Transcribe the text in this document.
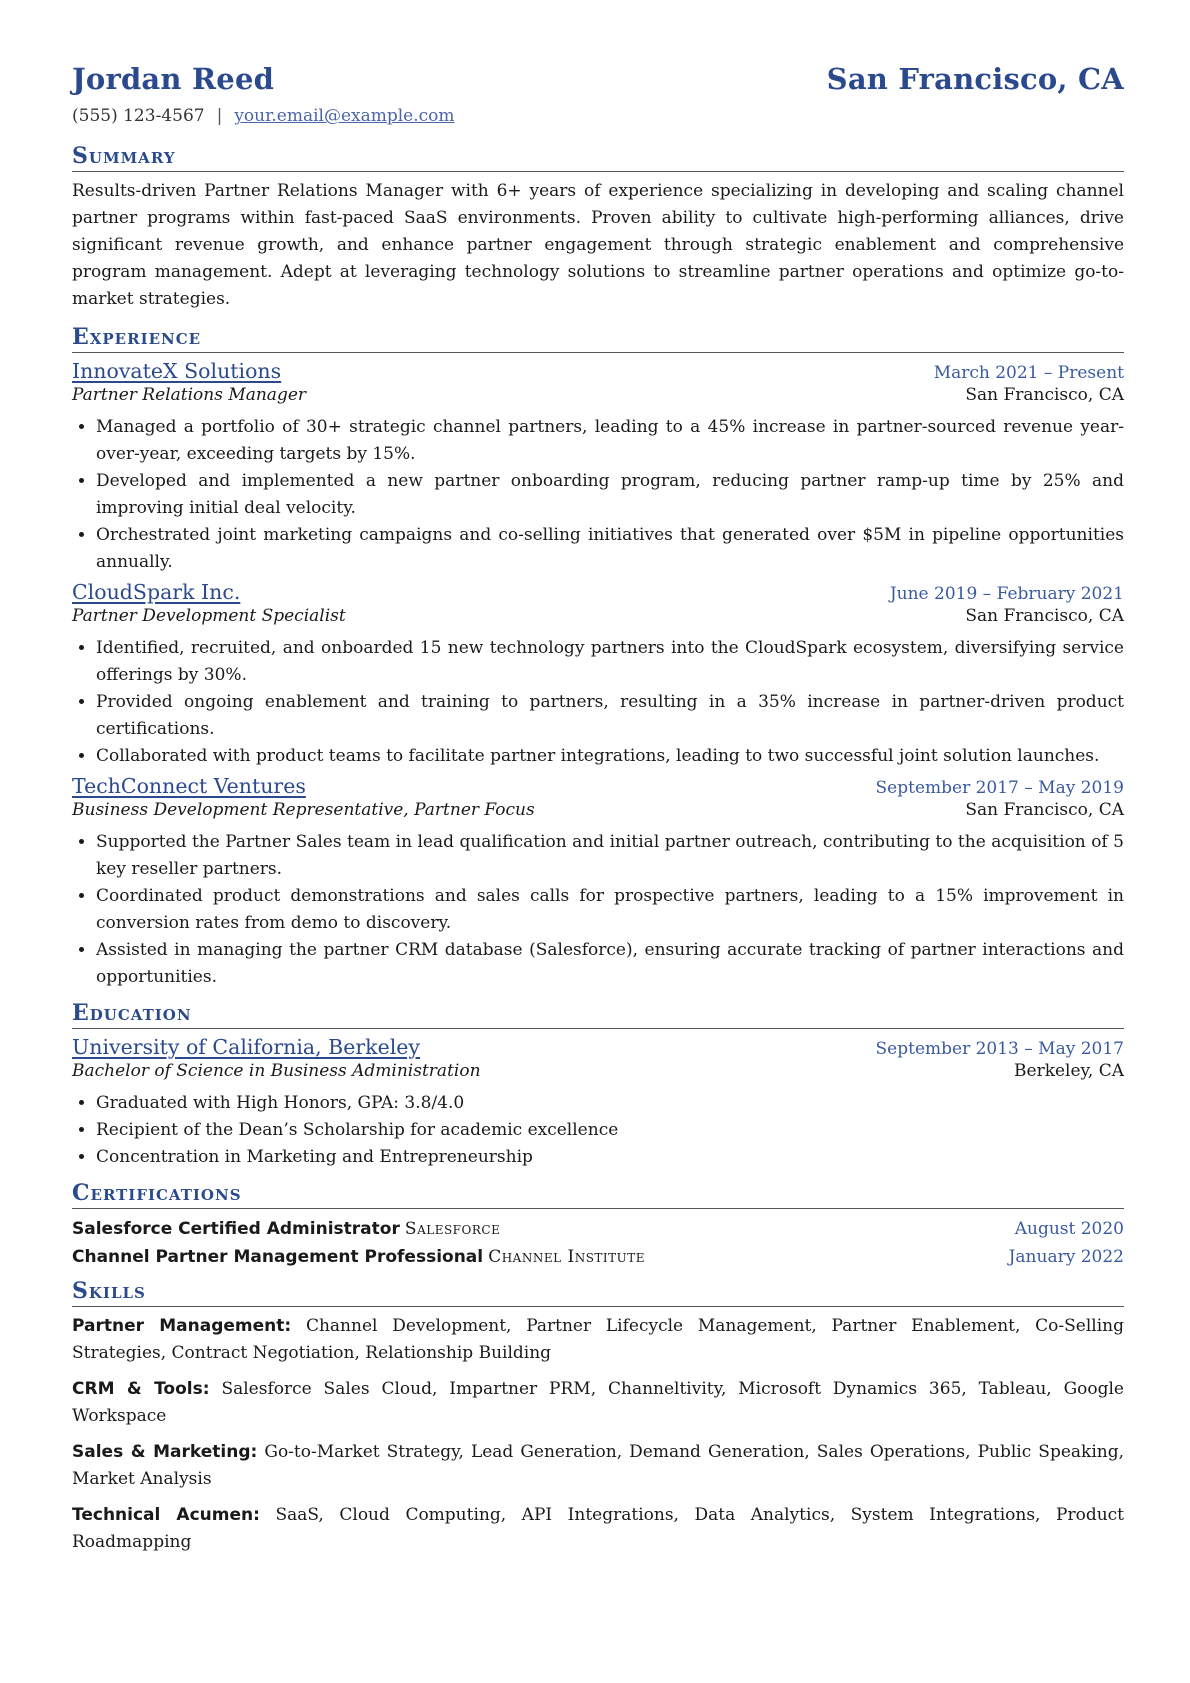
Jordan Reed	San Francisco, CA
(555) 123-4567 | your.email@example.com
Summary
Results-driven Partner Relations Manager with 6+ years of experience specializing in developing and scaling channel partner programs within fast-paced SaaS environments. Proven ability to cultivate high-performing alliances, drive significant revenue growth, and enhance partner engagement through strategic enablement and comprehensive program management. Adept at leveraging technology solutions to streamline partner operations and optimize go-to-market strategies.
Experience
InnovateX Solutions	March 2021 – Present
Partner Relations Manager	San Francisco, CA
• Managed a portfolio of 30+ strategic channel partners, leading to a 45% increase in partner-sourced revenue year-over-year, exceeding targets by 15%.
• Developed and implemented a new partner onboarding program, reducing partner ramp-up time by 25% and improving initial deal velocity.
• Orchestrated joint marketing campaigns and co-selling initiatives that generated over $5M in pipeline opportunities annually.
CloudSpark Inc.	June 2019 – February 2021
Partner Development Specialist	San Francisco, CA
• Identified, recruited, and onboarded 15 new technology partners into the CloudSpark ecosystem, diversifying service offerings by 30%.
• Provided ongoing enablement and training to partners, resulting in a 35% increase in partner-driven product certifications.
• Collaborated with product teams to facilitate partner integrations, leading to two successful joint solution launches.
TechConnect Ventures	September 2017 – May 2019
Business Development Representative, Partner Focus	San Francisco, CA
• Supported the Partner Sales team in lead qualification and initial partner outreach, contributing to the acquisition of 5 key reseller partners.
• Coordinated product demonstrations and sales calls for prospective partners, leading to a 15% improvement in conversion rates from demo to discovery.
• Assisted in managing the partner CRM database (Salesforce), ensuring accurate tracking of partner interactions and opportunities.
Education
University of California, Berkeley	September 2013 – May 2017
Bachelor of Science in Business Administration	Berkeley, CA
• Graduated with High Honors, GPA: 3.8/4.0
• Recipient of the Dean’s Scholarship for academic excellence
• Concentration in Marketing and Entrepreneurship
Certifications
Salesforce Certified Administrator Salesforce	August 2020
Channel Partner Management Professional Channel Institute	January 2022
Skills
Partner Management: Channel Development, Partner Lifecycle Management, Partner Enablement, Co-Selling Strategies, Contract Negotiation, Relationship Building
CRM & Tools: Salesforce Sales Cloud, Impartner PRM, Channeltivity, Microsoft Dynamics 365, Tableau, Google Workspace
Sales & Marketing: Go-to-Market Strategy, Lead Generation, Demand Generation, Sales Operations, Public Speaking, Market Analysis
Technical Acumen: SaaS, Cloud Computing, API Integrations, Data Analytics, System Integrations, Product Roadmapping
